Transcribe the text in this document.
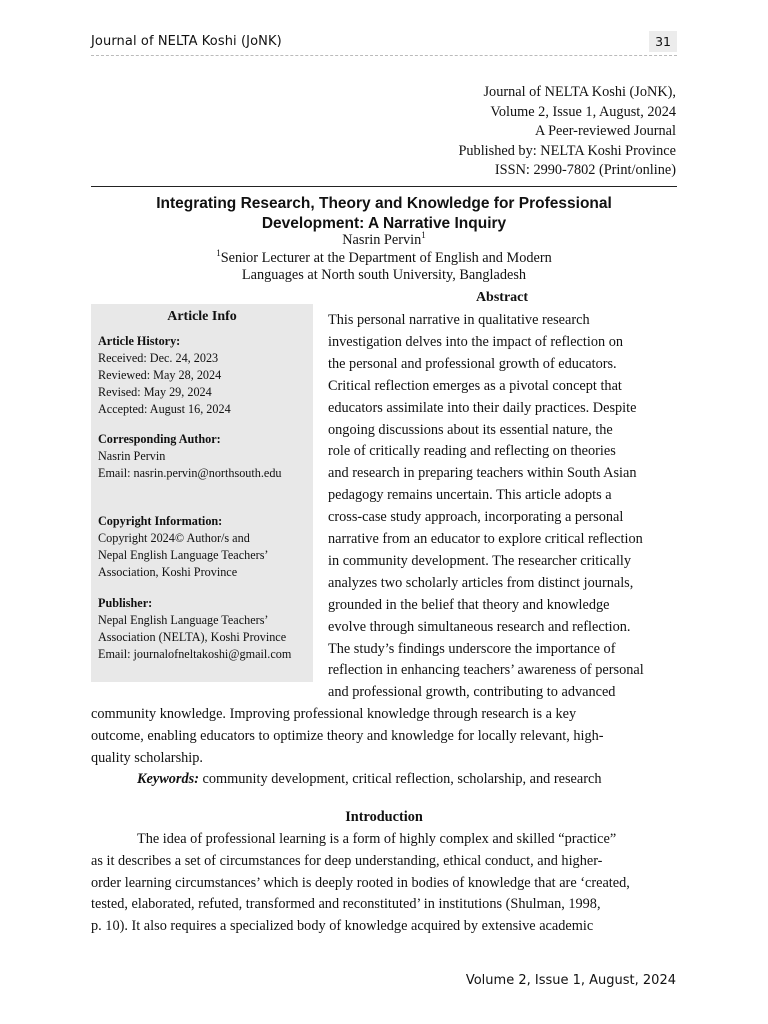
Journal of NELTA Koshi (JoNK)	31
Journal of NELTA Koshi (JoNK),
Volume 2, Issue 1, August, 2024
A Peer-reviewed Journal
Published by: NELTA Koshi Province
ISSN: 2990-7802 (Print/online)
Integrating Research, Theory and Knowledge for Professional
Development: A Narrative Inquiry
Nasrin Pervin$^1$
$^1$Senior Lecturer at the Department of English and Modern
Languages at North south University, Bangladesh
Article Info
Article History:
Received: Dec. 24, 2023
Reviewed: May 28, 2024
Revised: May 29, 2024
Accepted: August 16, 2024
Corresponding Author:
Nasrin Pervin
Email: nasrin.pervin@northsouth.edu
Copyright Information:
Copyright 2024© Author/s and
Nepal English Language Teachers’
Association, Koshi Province
Publisher:
Nepal English Language Teachers’
Association (NELTA), Koshi Province
Email: journalofneltakoshi@gmail.com
Abstract
This personal narrative in qualitative research
investigation delves into the impact of reflection on
the personal and professional growth of educators.
Critical reflection emerges as a pivotal concept that
educators assimilate into their daily practices. Despite
ongoing discussions about its essential nature, the
role of critically reading and reflecting on theories
and research in preparing teachers within South Asian
pedagogy remains uncertain. This article adopts a
cross-case study approach, incorporating a personal
narrative from an educator to explore critical reflection
in community development. The researcher critically
analyzes two scholarly articles from distinct journals,
grounded in the belief that theory and knowledge
evolve through simultaneous research and reflection.
The study’s findings underscore the importance of
reflection in enhancing teachers’ awareness of personal
and professional growth, contributing to advanced
community knowledge. Improving professional knowledge through research is a key
outcome, enabling educators to optimize theory and knowledge for locally relevant, high-
quality scholarship.
Keywords: community development, critical reflection, scholarship, and research
Introduction
The idea of professional learning is a form of highly complex and skilled “practice”
as it describes a set of circumstances for deep understanding, ethical conduct, and higher-
order learning circumstances’ which is deeply rooted in bodies of knowledge that are ‘created,
tested, elaborated, refuted, transformed and reconstituted’ in institutions (Shulman, 1998,
p. 10). It also requires a specialized body of knowledge acquired by extensive academic
Volume 2, Issue 1, August, 2024
